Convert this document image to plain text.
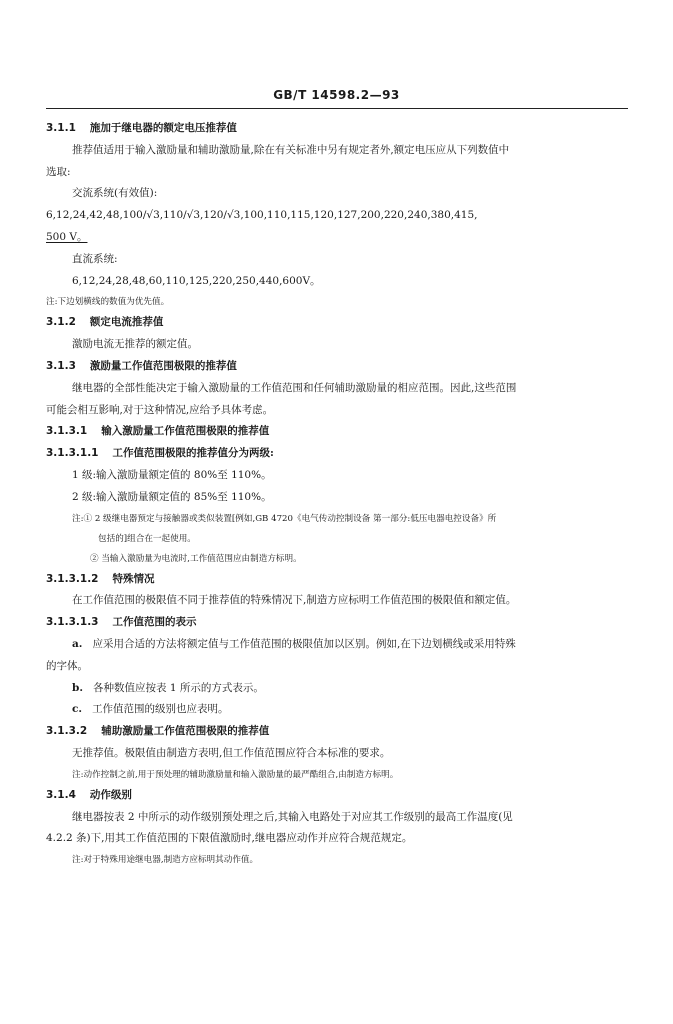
GB/T 14598.2—93
3.1.1 施加于继电器的额定电压推荐值
推荐值适用于输入激励量和辅助激励量,除在有关标准中另有规定者外,额定电压应从下列数值中
选取:
交流系统(有效值):
6,12,24,42,48,100/√3,110/√3,120/√3,100,110,115,120,127,200,220,240,380,415,
500 V。
直流系统:
6,12,24,28,48,60,110,125,220,250,440,600V。
注:下边划横线的数值为优先值。
3.1.2 额定电流推荐值
激励电流无推荐的额定值。
3.1.3 激励量工作值范围极限的推荐值
继电器的全部性能决定于输入激励量的工作值范围和任何辅助激励量的相应范围。因此,这些范围
可能会相互影响,对于这种情况,应给予具体考虑。
3.1.3.1 输入激励量工作值范围极限的推荐值
3.1.3.1.1 工作值范围极限的推荐值分为两级:
1 级:输入激励量额定值的 80%至 110%。
2 级:输入激励量额定值的 85%至 110%。
注:① 2 级继电器预定与接触器或类似装置[例如,GB 4720《电气传动控制设备 第一部分:低压电器电控设备》所
包括的]组合在一起使用。
② 当输入激励量为电流时,工作值范围应由制造方标明。
3.1.3.1.2 特殊情况
在工作值范围的极限值不同于推荐值的特殊情况下,制造方应标明工作值范围的极限值和额定值。
3.1.3.1.3 工作值范围的表示
a. 应采用合适的方法将额定值与工作值范围的极限值加以区别。例如,在下边划横线或采用特殊
的字体。
b. 各种数值应按表 1 所示的方式表示。
c. 工作值范围的级别也应表明。
3.1.3.2 辅助激励量工作值范围极限的推荐值
无推荐值。极限值由制造方表明,但工作值范围应符合本标准的要求。
注:动作控制之前,用于预处理的辅助激励量和输入激励量的最严酷组合,由制造方标明。
3.1.4 动作级别
继电器按表 2 中所示的动作级别预处理之后,其输入电路处于对应其工作级别的最高工作温度(见
4.2.2 条)下,用其工作值范围的下限值激励时,继电器应动作并应符合规范规定。
注:对于特殊用途继电器,制造方应标明其动作值。
